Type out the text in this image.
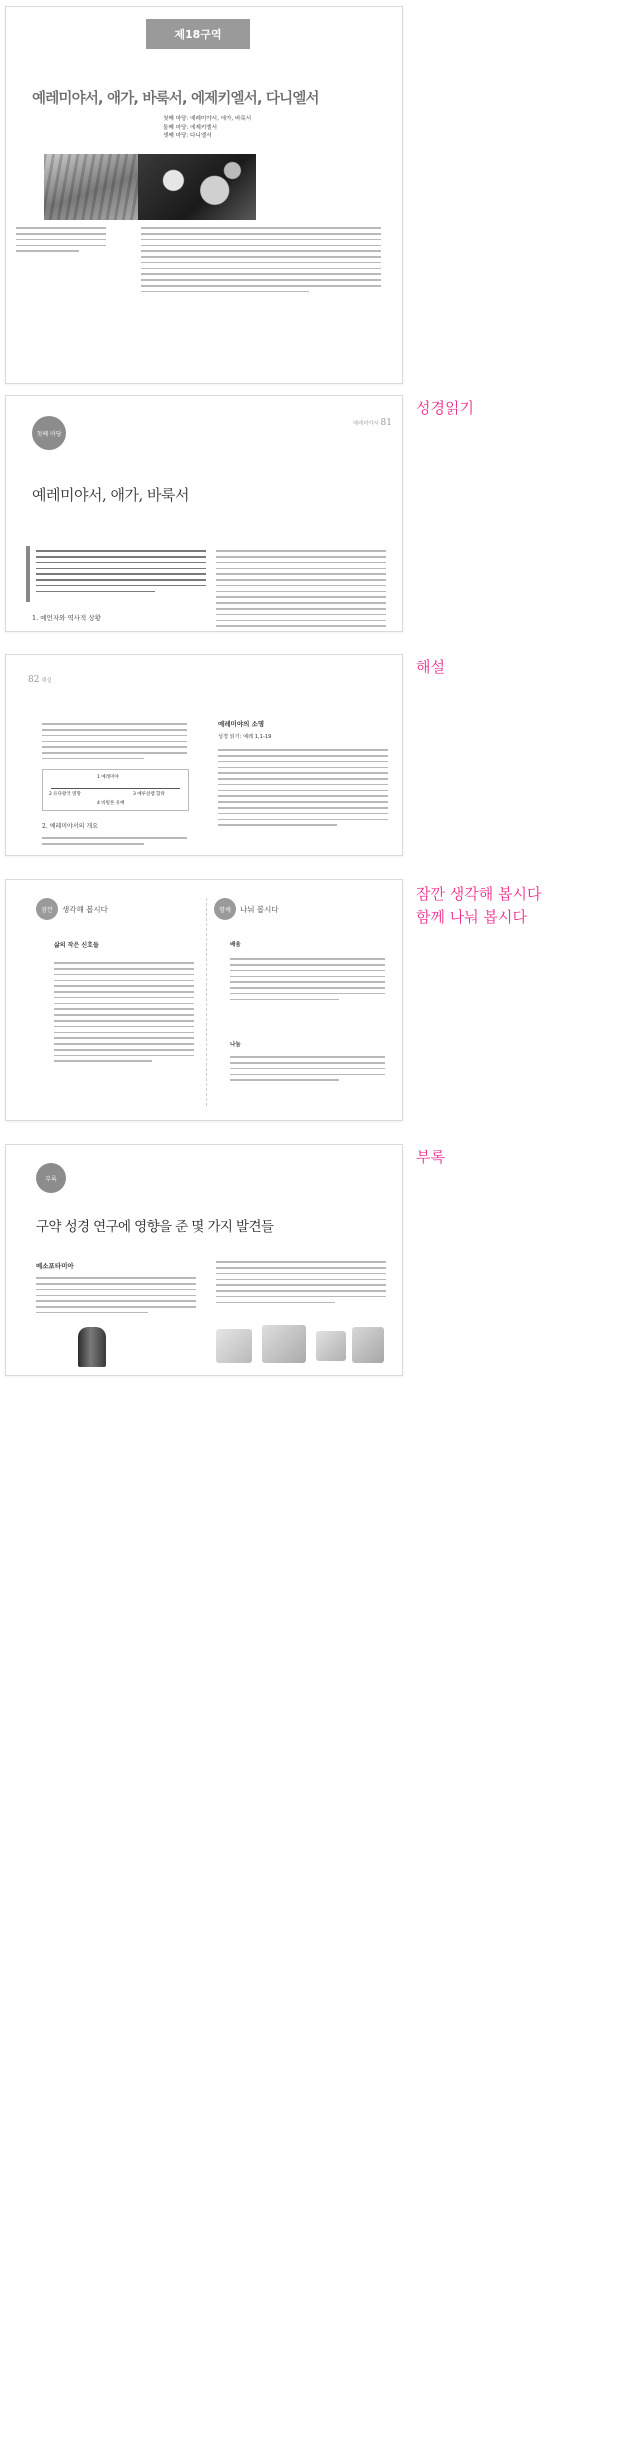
제18구역
예레미야서, 애가, 바룩서, 에제키엘서, 다니엘서
첫째 마당: 예레미야서, 애가, 바룩서
둘째 마당: 에제키엘서
셋째 마당: 다니엘서
첫째 마당
예레미야서 81
예레미야서, 애가, 바룩서
1. 예언자와 역사적 상황
성경읽기
82 해설
1 예레미야
2 유다왕국 멸망	3 예루살렘 함락
4 바빌론 유배
2. 예레미야서의 개요
예레미야의 소명
성경 읽기: 예레 1,1-19
해설
잠깐 생각해 봅시다
삶의 작은 신호들
함께 나눠 봅시다
배움
나눔
잠깐 생각해 봅시다
함께 나눠 봅시다
부록
구약 성경 연구에 영향을 준 몇 가지 발견들
메소포타미아
부록
